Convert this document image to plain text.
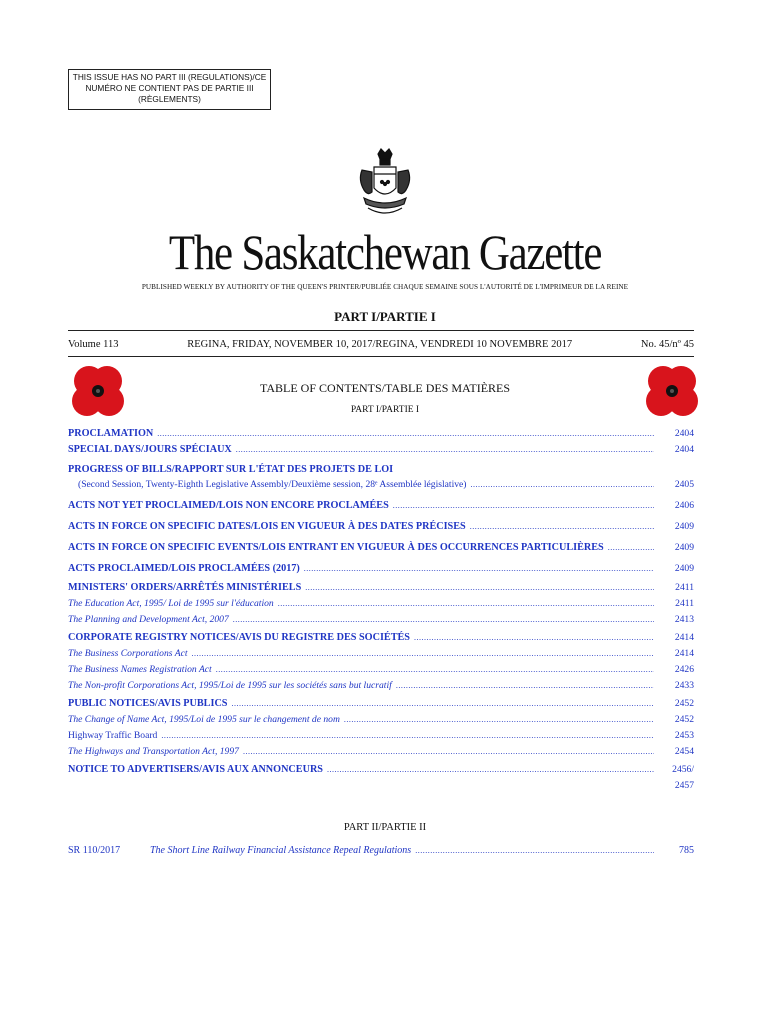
THIS ISSUE HAS NO PART III (REGULATIONS)/CE NUMÉRO NE CONTIENT PAS DE PARTIE III (RÈGLEMENTS)
The Saskatchewan Gazette
PUBLISHED WEEKLY BY AUTHORITY OF THE QUEEN'S PRINTER/PUBLIÉE CHAQUE SEMAINE SOUS L'AUTORITÉ DE L'IMPRIMEUR DE LA REINE
PART I/PARTIE I
Volume 113	REGINA, FRIDAY, NOVEMBER 10, 2017/REGINA, VENDREDI 10 NOVEMBRE 2017	No. 45/nº 45
TABLE OF CONTENTS/TABLE DES MATIÈRES
PART I/PARTIE I
PROCLAMATION .....	2404
SPECIAL DAYS/JOURS SPÉCIAUX .....	2404
PROGRESS OF BILLS/RAPPORT SUR L'ÉTAT DES PROJETS DE LOI
(Second Session, Twenty-Eighth Legislative Assembly/Deuxième session, 28ᵉ Assemblée législative) .....	2405
ACTS NOT YET PROCLAIMED/LOIS NON ENCORE PROCLAMÉES .....	2406
ACTS IN FORCE ON SPECIFIC DATES/LOIS EN VIGUEUR À DES DATES PRÉCISES .....	2409
ACTS IN FORCE ON SPECIFIC EVENTS/LOIS ENTRANT EN VIGUEUR À DES OCCURRENCES PARTICULIÈRES .....	2409
ACTS PROCLAIMED/LOIS PROCLAMÉES (2017) .....	2409
MINISTERS' ORDERS/ARRÊTÉS MINISTÉRIELS .....	2411
The Education Act, 1995/ Loi de 1995 sur l'éducation .....	2411
The Planning and Development Act, 2007 .....	2413
CORPORATE REGISTRY NOTICES/AVIS DU REGISTRE DES SOCIÉTÉS .....	2414
The Business Corporations Act .....	2414
The Business Names Registration Act .....	2426
The Non-profit Corporations Act, 1995/Loi de 1995 sur les sociétés sans but lucratif .....	2433
PUBLIC NOTICES/AVIS PUBLICS .....	2452
The Change of Name Act, 1995/Loi de 1995 sur le changement de nom .....	2452
Highway Traffic Board .....	2453
The Highways and Transportation Act, 1997 .....	2454
NOTICE TO ADVERTISERS/AVIS AUX ANNONCEURS .....	2456/
2457
PART II/PARTIE II
SR 110/2017	The Short Line Railway Financial Assistance Repeal Regulations .....	785
